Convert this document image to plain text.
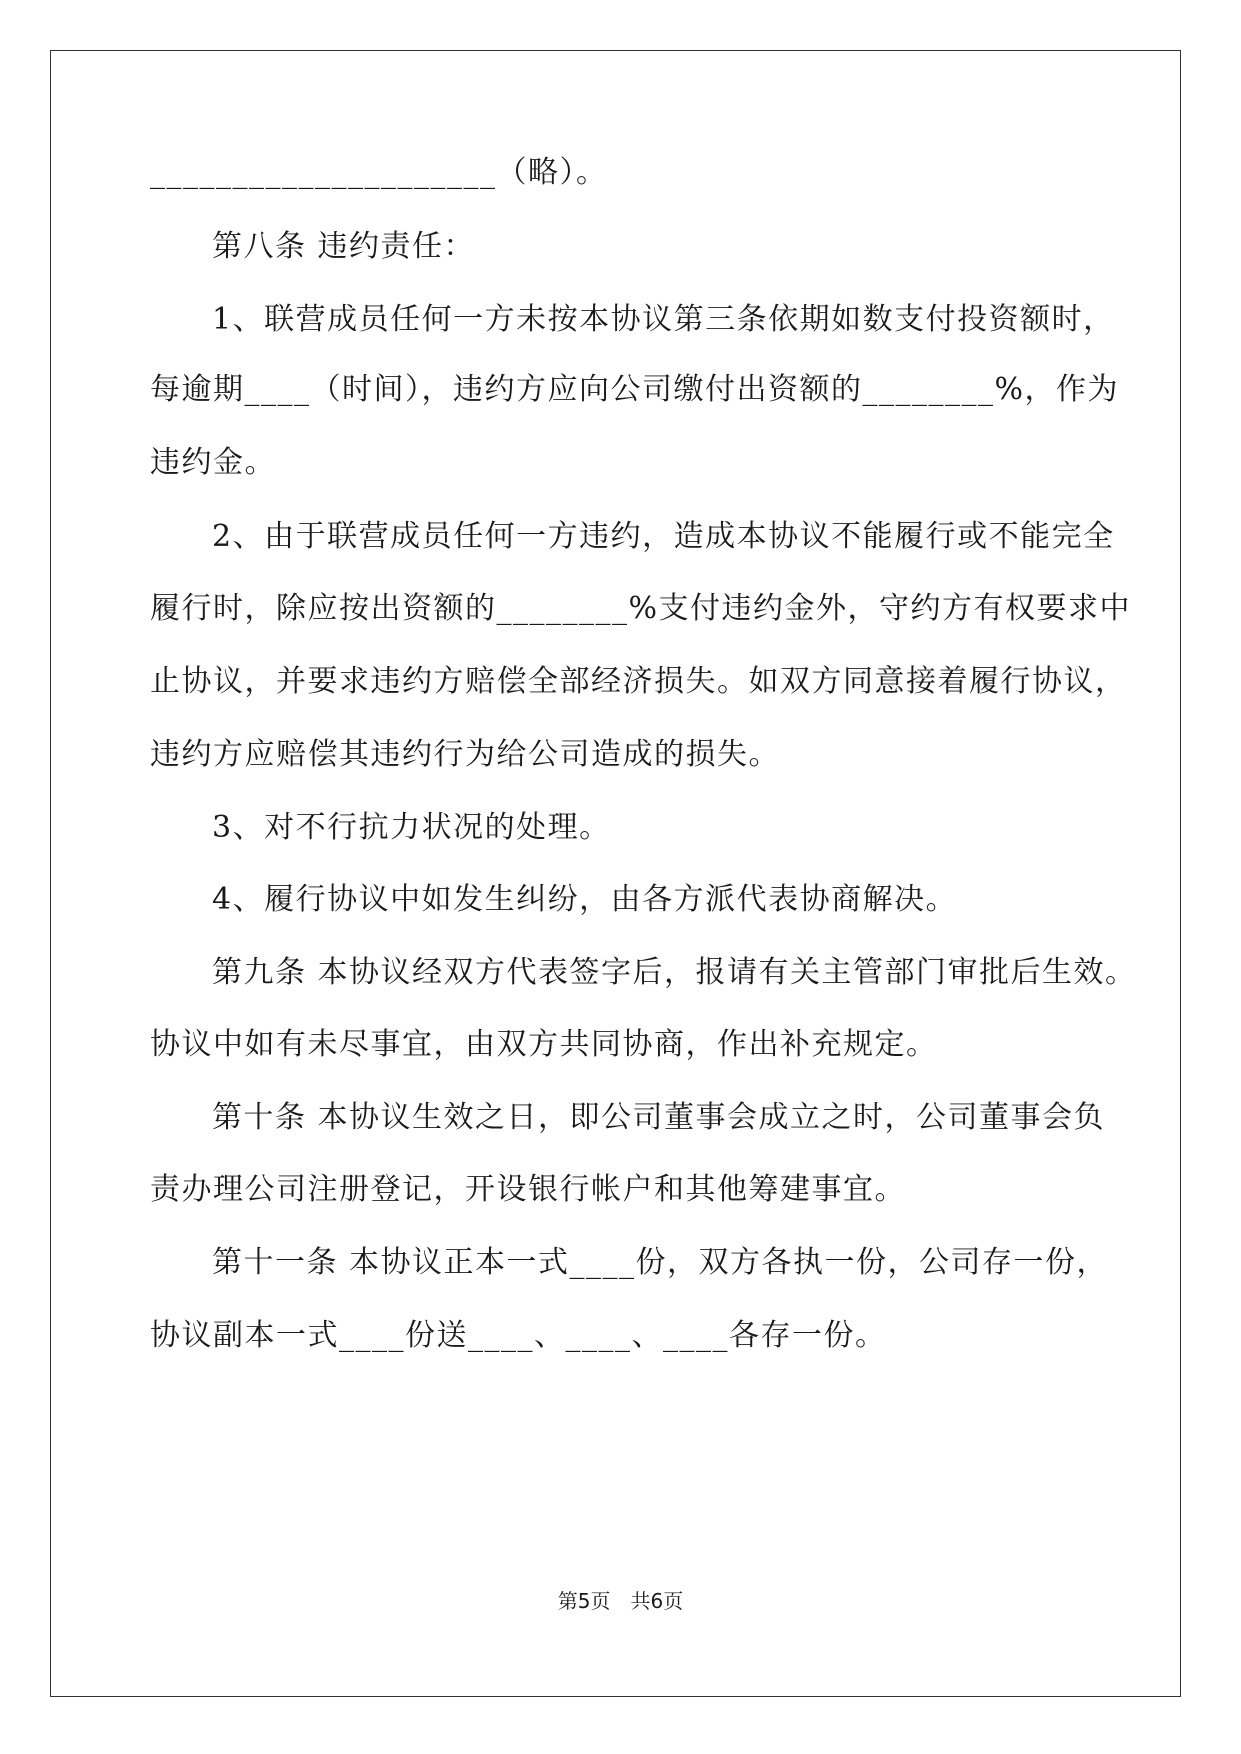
_____________________（略）。
第八条 违约责任：
1、联营成员任何一方未按本协议第三条依期如数支付投资额时，
每逾期____（时间），违约方应向公司缴付出资额的________%，作为
违约金。
2、由于联营成员任何一方违约，造成本协议不能履行或不能完全
履行时，除应按出资额的________%支付违约金外，守约方有权要求中
止协议，并要求违约方赔偿全部经济损失。如双方同意接着履行协议，
违约方应赔偿其违约行为给公司造成的损失。
3、对不行抗力状况的处理。
4、履行协议中如发生纠纷，由各方派代表协商解决。
第九条 本协议经双方代表签字后，报请有关主管部门审批后生效。
协议中如有未尽事宜，由双方共同协商，作出补充规定。
第十条 本协议生效之日，即公司董事会成立之时，公司董事会负
责办理公司注册登记，开设银行帐户和其他筹建事宜。
第十一条 本协议正本一式____份，双方各执一份，公司存一份，
协议副本一式____份送____、____、____各存一份。
第5页　共6页
